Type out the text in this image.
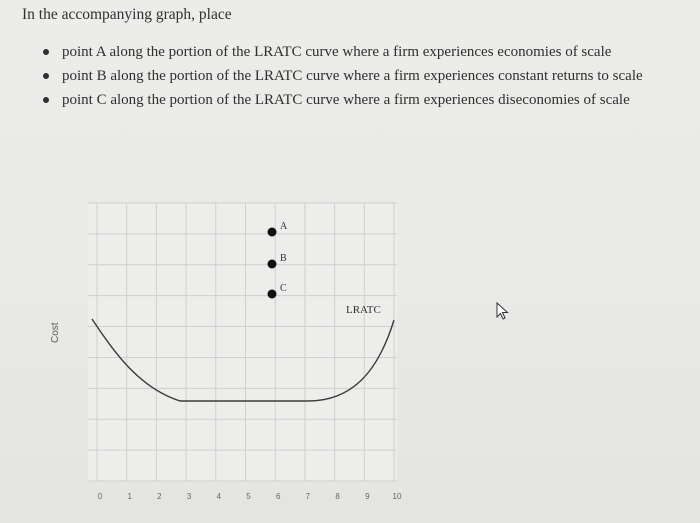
In the accompanying graph, place
point A along the portion of the LRATC curve where a firm experiences economies of scale
point B along the portion of the LRATC curve where a firm experiences constant returns to scale
point C along the portion of the LRATC curve where a firm experiences diseconomies of scale
0	1	2	3	4	5	6	7	8	9	10
LRATC
A
B
C
Cost
